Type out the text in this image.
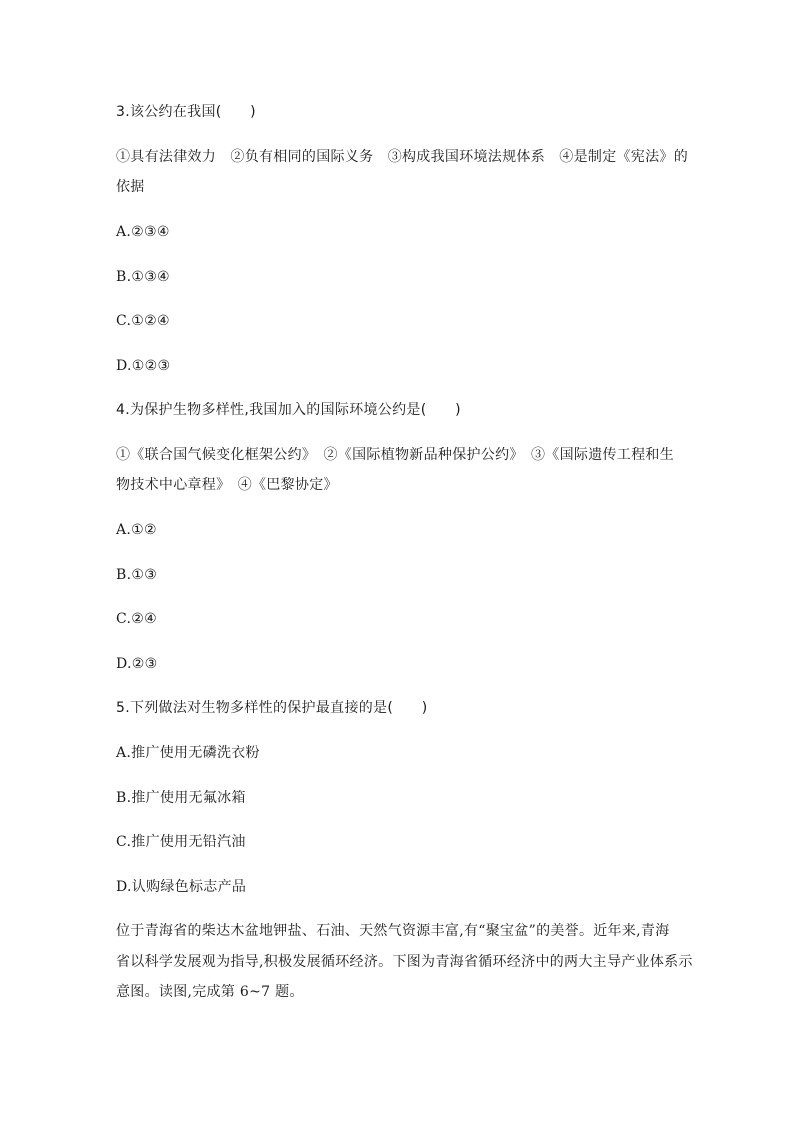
3.该公约在我国(　　)
①具有法律效力　②负有相同的国际义务　③构成我国环境法规体系　④是制定《宪法》的
依据
A.②③④
B.①③④
C.①②④
D.①②③
4.为保护生物多样性,我国加入的国际环境公约是(　　)
①《联合国气候变化框架公约》　②《国际植物新品种保护公约》　③《国际遗传工程和生
物技术中心章程》　④《巴黎协定》
A.①②
B.①③
C.②④
D.②③
5.下列做法对生物多样性的保护最直接的是(　　)
A.推广使用无磷洗衣粉
B.推广使用无氟冰箱
C.推广使用无铅汽油
D.认购绿色标志产品
位于青海省的柴达木盆地钾盐、石油、天然气资源丰富,有“聚宝盆”的美誉。近年来,青海
省以科学发展观为指导,积极发展循环经济。下图为青海省循环经济中的两大主导产业体系示
意图。读图,完成第 6~7 题。
